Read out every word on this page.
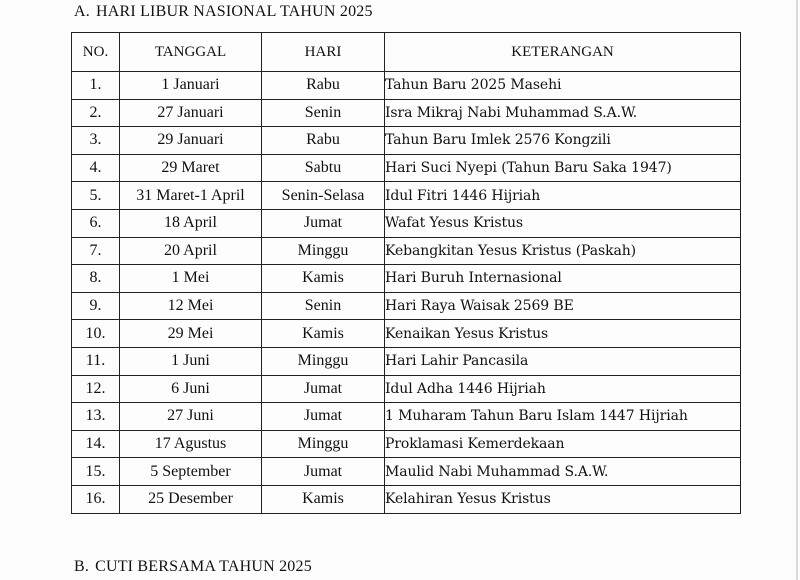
A. HARI LIBUR NASIONAL TAHUN 2025
NO.	TANGGAL	HARI	KETERANGAN
1.	1 Januari	Rabu	Tahun Baru 2025 Masehi
2.	27 Januari	Senin	Isra Mikraj Nabi Muhammad S.A.W.
3.	29 Januari	Rabu	Tahun Baru Imlek 2576 Kongzili
4.	29 Maret	Sabtu	Hari Suci Nyepi (Tahun Baru Saka 1947)
5.	31 Maret-1 April	Senin-Selasa	Idul Fitri 1446 Hijriah
6.	18 April	Jumat	Wafat Yesus Kristus
7.	20 April	Minggu	Kebangkitan Yesus Kristus (Paskah)
8.	1 Mei	Kamis	Hari Buruh Internasional
9.	12 Mei	Senin	Hari Raya Waisak 2569 BE
10.	29 Mei	Kamis	Kenaikan Yesus Kristus
11.	1 Juni	Minggu	Hari Lahir Pancasila
12.	6 Juni	Jumat	Idul Adha 1446 Hijriah
13.	27 Juni	Jumat	1 Muharam Tahun Baru Islam 1447 Hijriah
14.	17 Agustus	Minggu	Proklamasi Kemerdekaan
15.	5 September	Jumat	Maulid Nabi Muhammad S.A.W.
16.	25 Desember	Kamis	Kelahiran Yesus Kristus
B. CUTI BERSAMA TAHUN 2025
